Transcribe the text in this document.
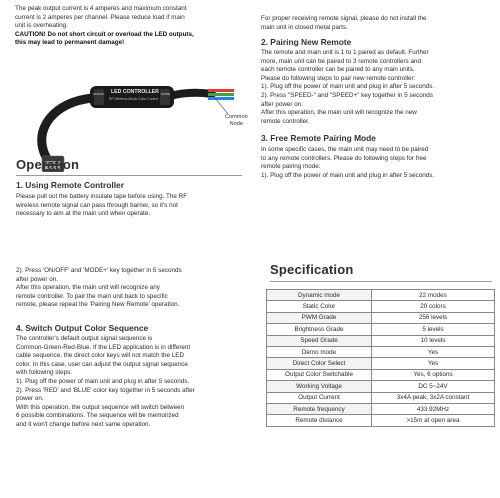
The peak output current is 4 amperes and maximum constant

current is 2 amperes per channel. Please reduce load if main

unit is overheating.

CAUTION! Do not short circuit or overload the LED outputs,

this may lead to permanent damage!

LED CONTROLLER
RF Wireless Music Color Control
ON/OFF	MODE
Common
Node
Operation
1. Using Remote Controller

Please pull out the battery insulate tape before using. The RF

wireless remote signal can pass through barrier, so it's not

necessary to aim at the main unit when operate.

For proper receiving remote signal, please do not install the

main unit in closed metal parts.

2. Pairing New Remote

The remote and main unit is 1 to 1 paired as default. Further

more, main unit can be paired to 3 remote controllers and

each remote controller can be paired to any main units.

Please do following steps to pair new remote controller:

1). Plug off the power of main unit and plug in after 5 seconds.

2). Press "SPEED-" and "SPEED+" key together in 5 seconds

after power on.

After this operation, the main unit will recognize the new

remote controller.

3. Free Remote Pairing Mode

In some specific cases, the main unit may need to be paired

to any remote controllers. Please do following steps for free

remote pairing mode:

1). Plug off the power of main unit and plug in after 5 seconds.

2). Press 'ON/OFF' and 'MODE+' key together in 5 seconds

after power on.

After this operation, the main unit will recognize any

remote controller. To pair the main unit back to specific

remote, please repeat the 'Pairing New Remote' operation.

4. Switch Output Color Sequence

The controller's default output signal sequence is

Common-Green-Red-Blue. If the LED application is in different

cable sequence, the direct color keys will not match the LED

color. In this case, user can adjust the output signal sequence

with following steps:

1). Plug off the power of main unit and plug in after 5 seconds.

2). Press 'RED' and 'BLUE' color key together in 5 seconds after

power on.

With this operation, the output sequence will switch between

6 possible combinations. The sequence will be memorized

and it won't change before next same operation.

Specification
Dynamic mode	22 modes
Static Color	20 colors
PWM Grade	256 levels
Brightness Grade	5 levels
Speed Grade	10 levels
Demo mode	Yes
Direct Color Select	Yes
Output Color Switchable	Yes, 6 options
Working Voltage	DC 5~24V
Output Current	3x4A peak, 3x2A constant
Remote frequency	433.92MHz
Remote distance	>15m at open area
